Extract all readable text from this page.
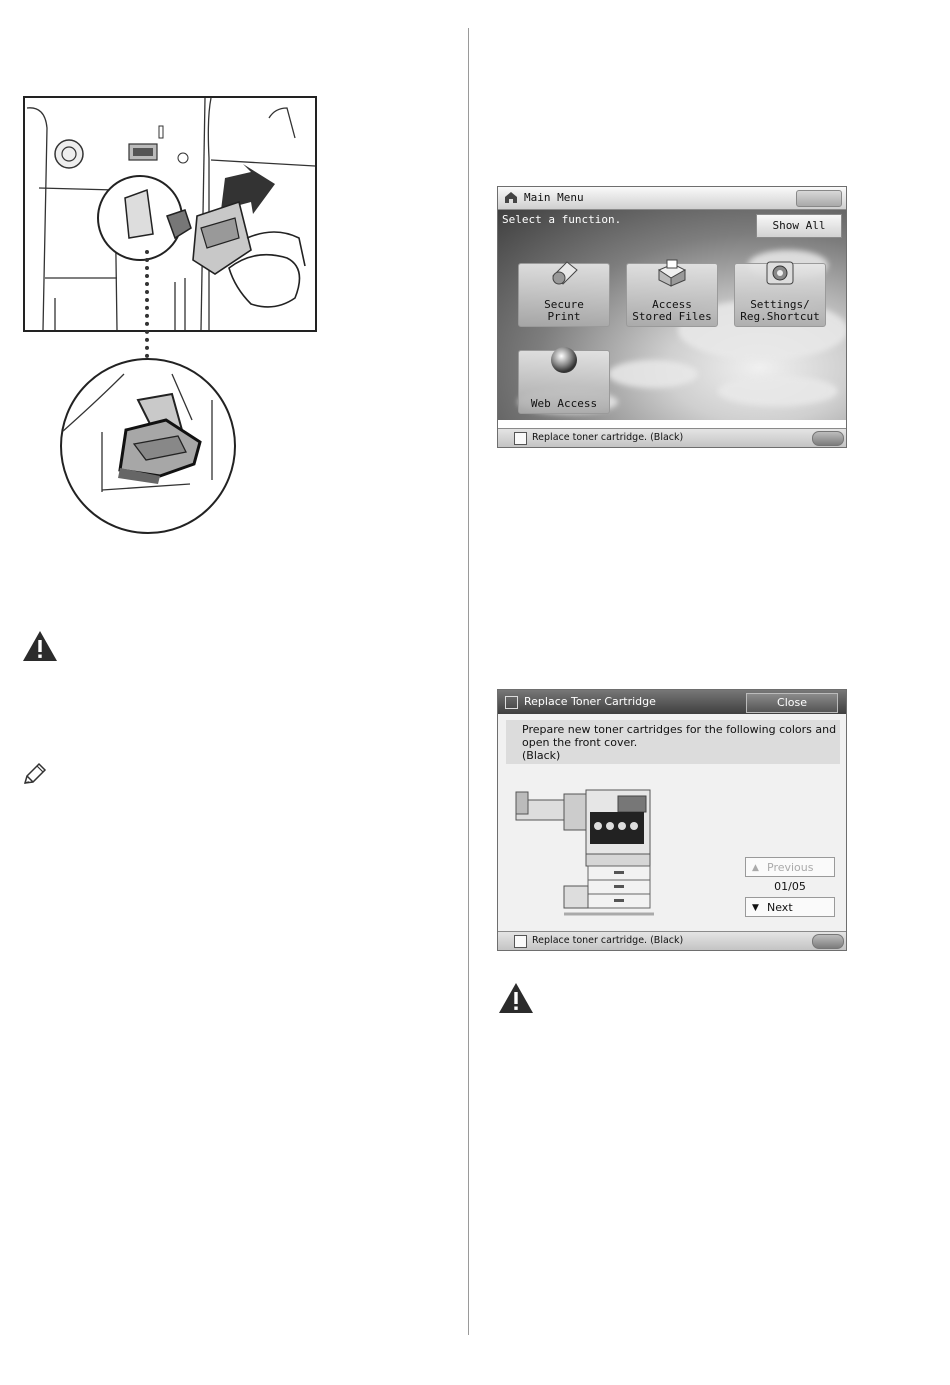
Main Menu
Select a function.	Show All
Secure
Print
Access
Stored Files
Settings/
Reg.Shortcut
Web Access
Replace toner cartridge. (Black)
Replace Toner Cartridge	Close
Prepare new toner cartridges for the following colors and
open the front cover.
(Black)
▲ Previous
01/05
▼ Next
Replace toner cartridge. (Black)
